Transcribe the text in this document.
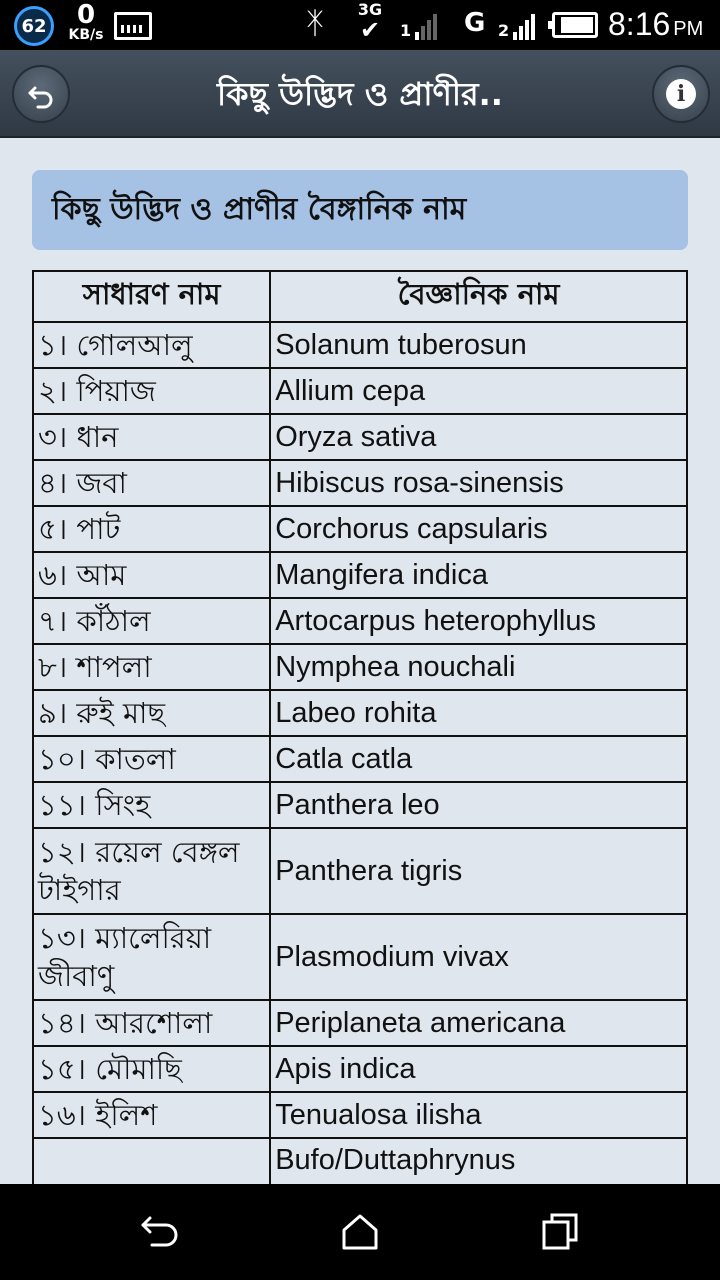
62	0
KB/s	ᛡ	3G
✔	1 G 2	8:16 PM
কিছু উদ্ভিদ ও প্রাণীর..	i
কিছু উদ্ভিদ ও প্রাণীর বৈঙ্গানিক নাম
সাধারণ নাম	বৈজ্ঞানিক নাম
১। গোলআলু	Solanum tuberosun
২। পিয়াজ	Allium cepa
৩। ধান	Oryza sativa
৪। জবা	Hibiscus rosa-sinensis
৫। পাট	Corchorus capsularis
৬। আম	Mangifera indica
৭। কাঁঠাল	Artocarpus heterophyllus
৮। শাপলা	Nymphea nouchali
৯। রুই মাছ	Labeo rohita
১০। কাতলা	Catla catla
১১। সিংহ	Panthera leo
১২। রয়েল বেঙ্গল টাইগার	Panthera tigris
১৩। ম্যালেরিয়া জীবাণু	Plasmodium vivax
১৪। আরশোলা	Periplaneta americana
১৫। মৌমাছি	Apis indica
১৬। ইলিশ	Tenualosa ilisha
	Bufo/Duttaphrynus
